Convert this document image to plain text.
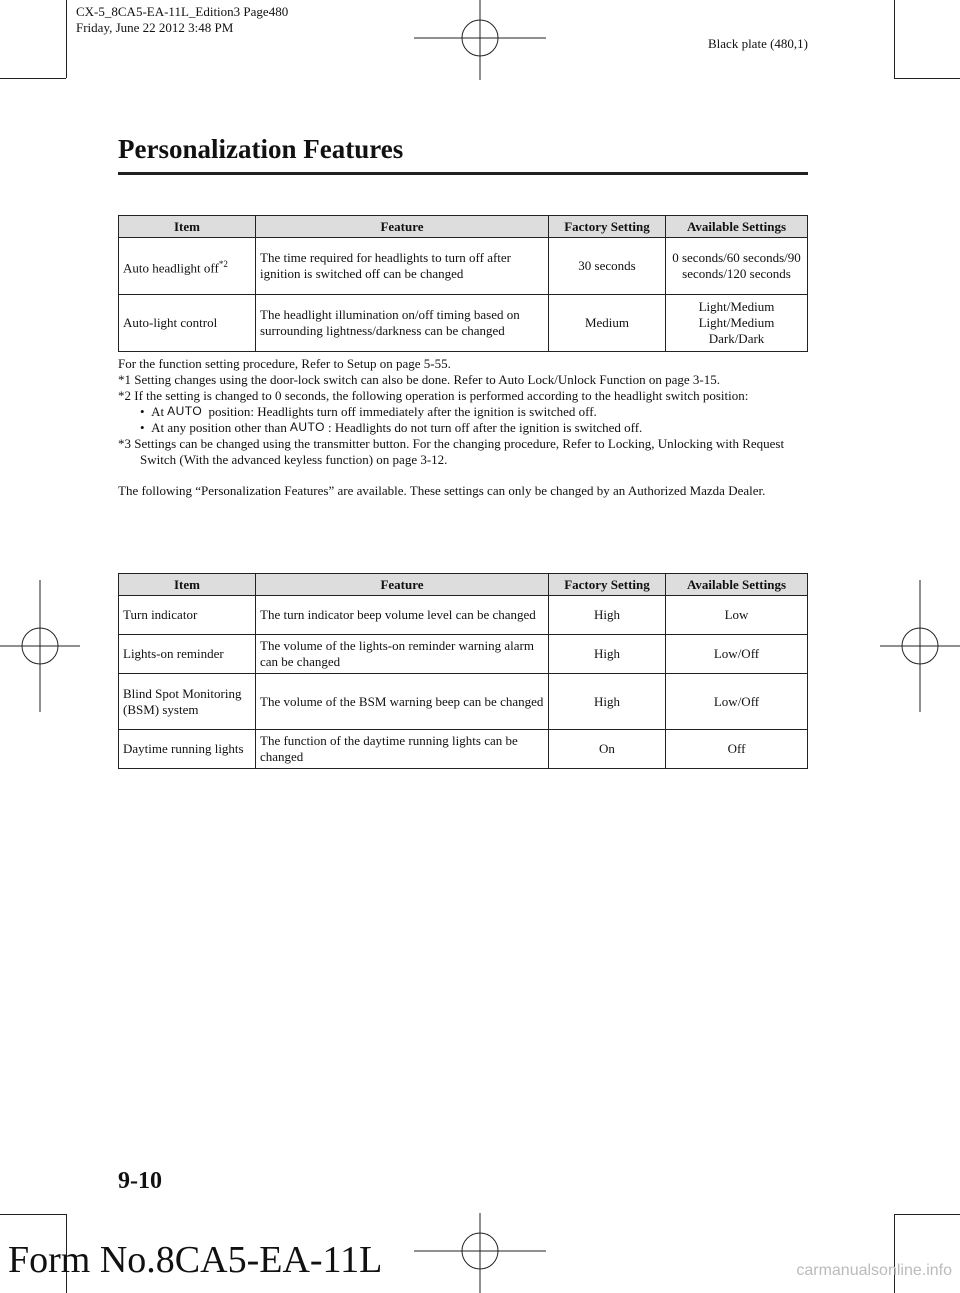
CX-5_8CA5-EA-11L_Edition3 Page480
Friday, June 22 2012 3:48 PM
Black plate (480,1)
Personalization Features
Item	Feature	Factory Setting	Available Settings
Auto headlight off$^{*2}$	The time required for headlights to turn off after ignition is switched off can be changed	30 seconds	0 seconds/60 seconds/90 seconds/120 seconds
Auto-light control	The headlight illumination on/off timing based on surrounding lightness/darkness can be changed	Medium	Light/Medium Light/Medium Dark/Dark

For the function setting procedure, Refer to Setup on page 5-55.

*1 Setting changes using the door-lock switch can also be done. Refer to Auto Lock/Unlock Function on page 3-15.

*2 If the setting is changed to 0 seconds, the following operation is performed according to the headlight switch position:

•  At AUTO position: Headlights turn off immediately after the ignition is switched off.

•  At any position other than AUTO : Headlights do not turn off after the ignition is switched off.

*3 Settings can be changed using the transmitter button. For the changing procedure, Refer to Locking, Unlocking with Request Switch (With the advanced keyless function) on page 3-12.

The following “Personalization Features” are available. These settings can only be changed by an Authorized Mazda Dealer.

Item	Feature	Factory Setting	Available Settings
Turn indicator	The turn indicator beep volume level can be changed	High	Low
Lights-on reminder	The volume of the lights-on reminder warning alarm can be changed	High	Low/Off
Blind Spot Monitoring (BSM) system	The volume of the BSM warning beep can be changed	High	Low/Off
Daytime running lights	The function of the daytime running lights can be changed	On	Off
9-10
Form No.8CA5-EA-11L	carmanualsonline.info
